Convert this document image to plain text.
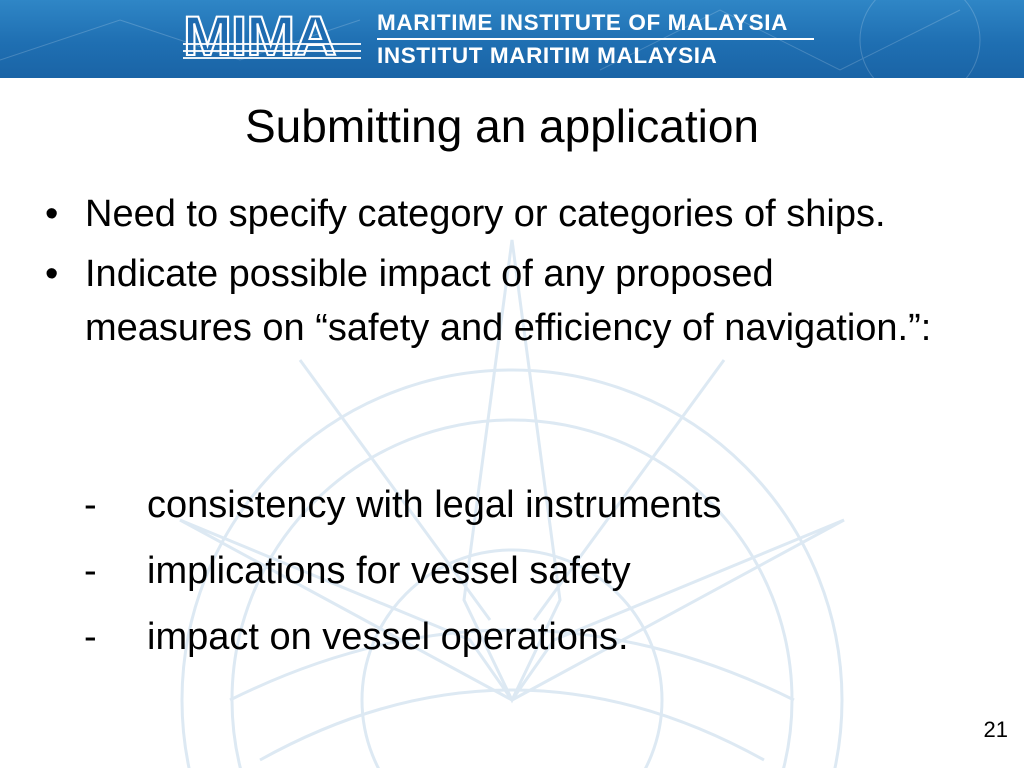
MIMA	MARITIME INSTITUTE OF MALAYSIA
INSTITUT MARITIM MALAYSIA
Submitting an application
• Need to specify category or categories of ships.
• Indicate possible impact of any proposed measures on “safety and efficiency of navigation.”:
-	consistency with legal instruments
-	implications for vessel safety
-	impact on vessel operations.
21
